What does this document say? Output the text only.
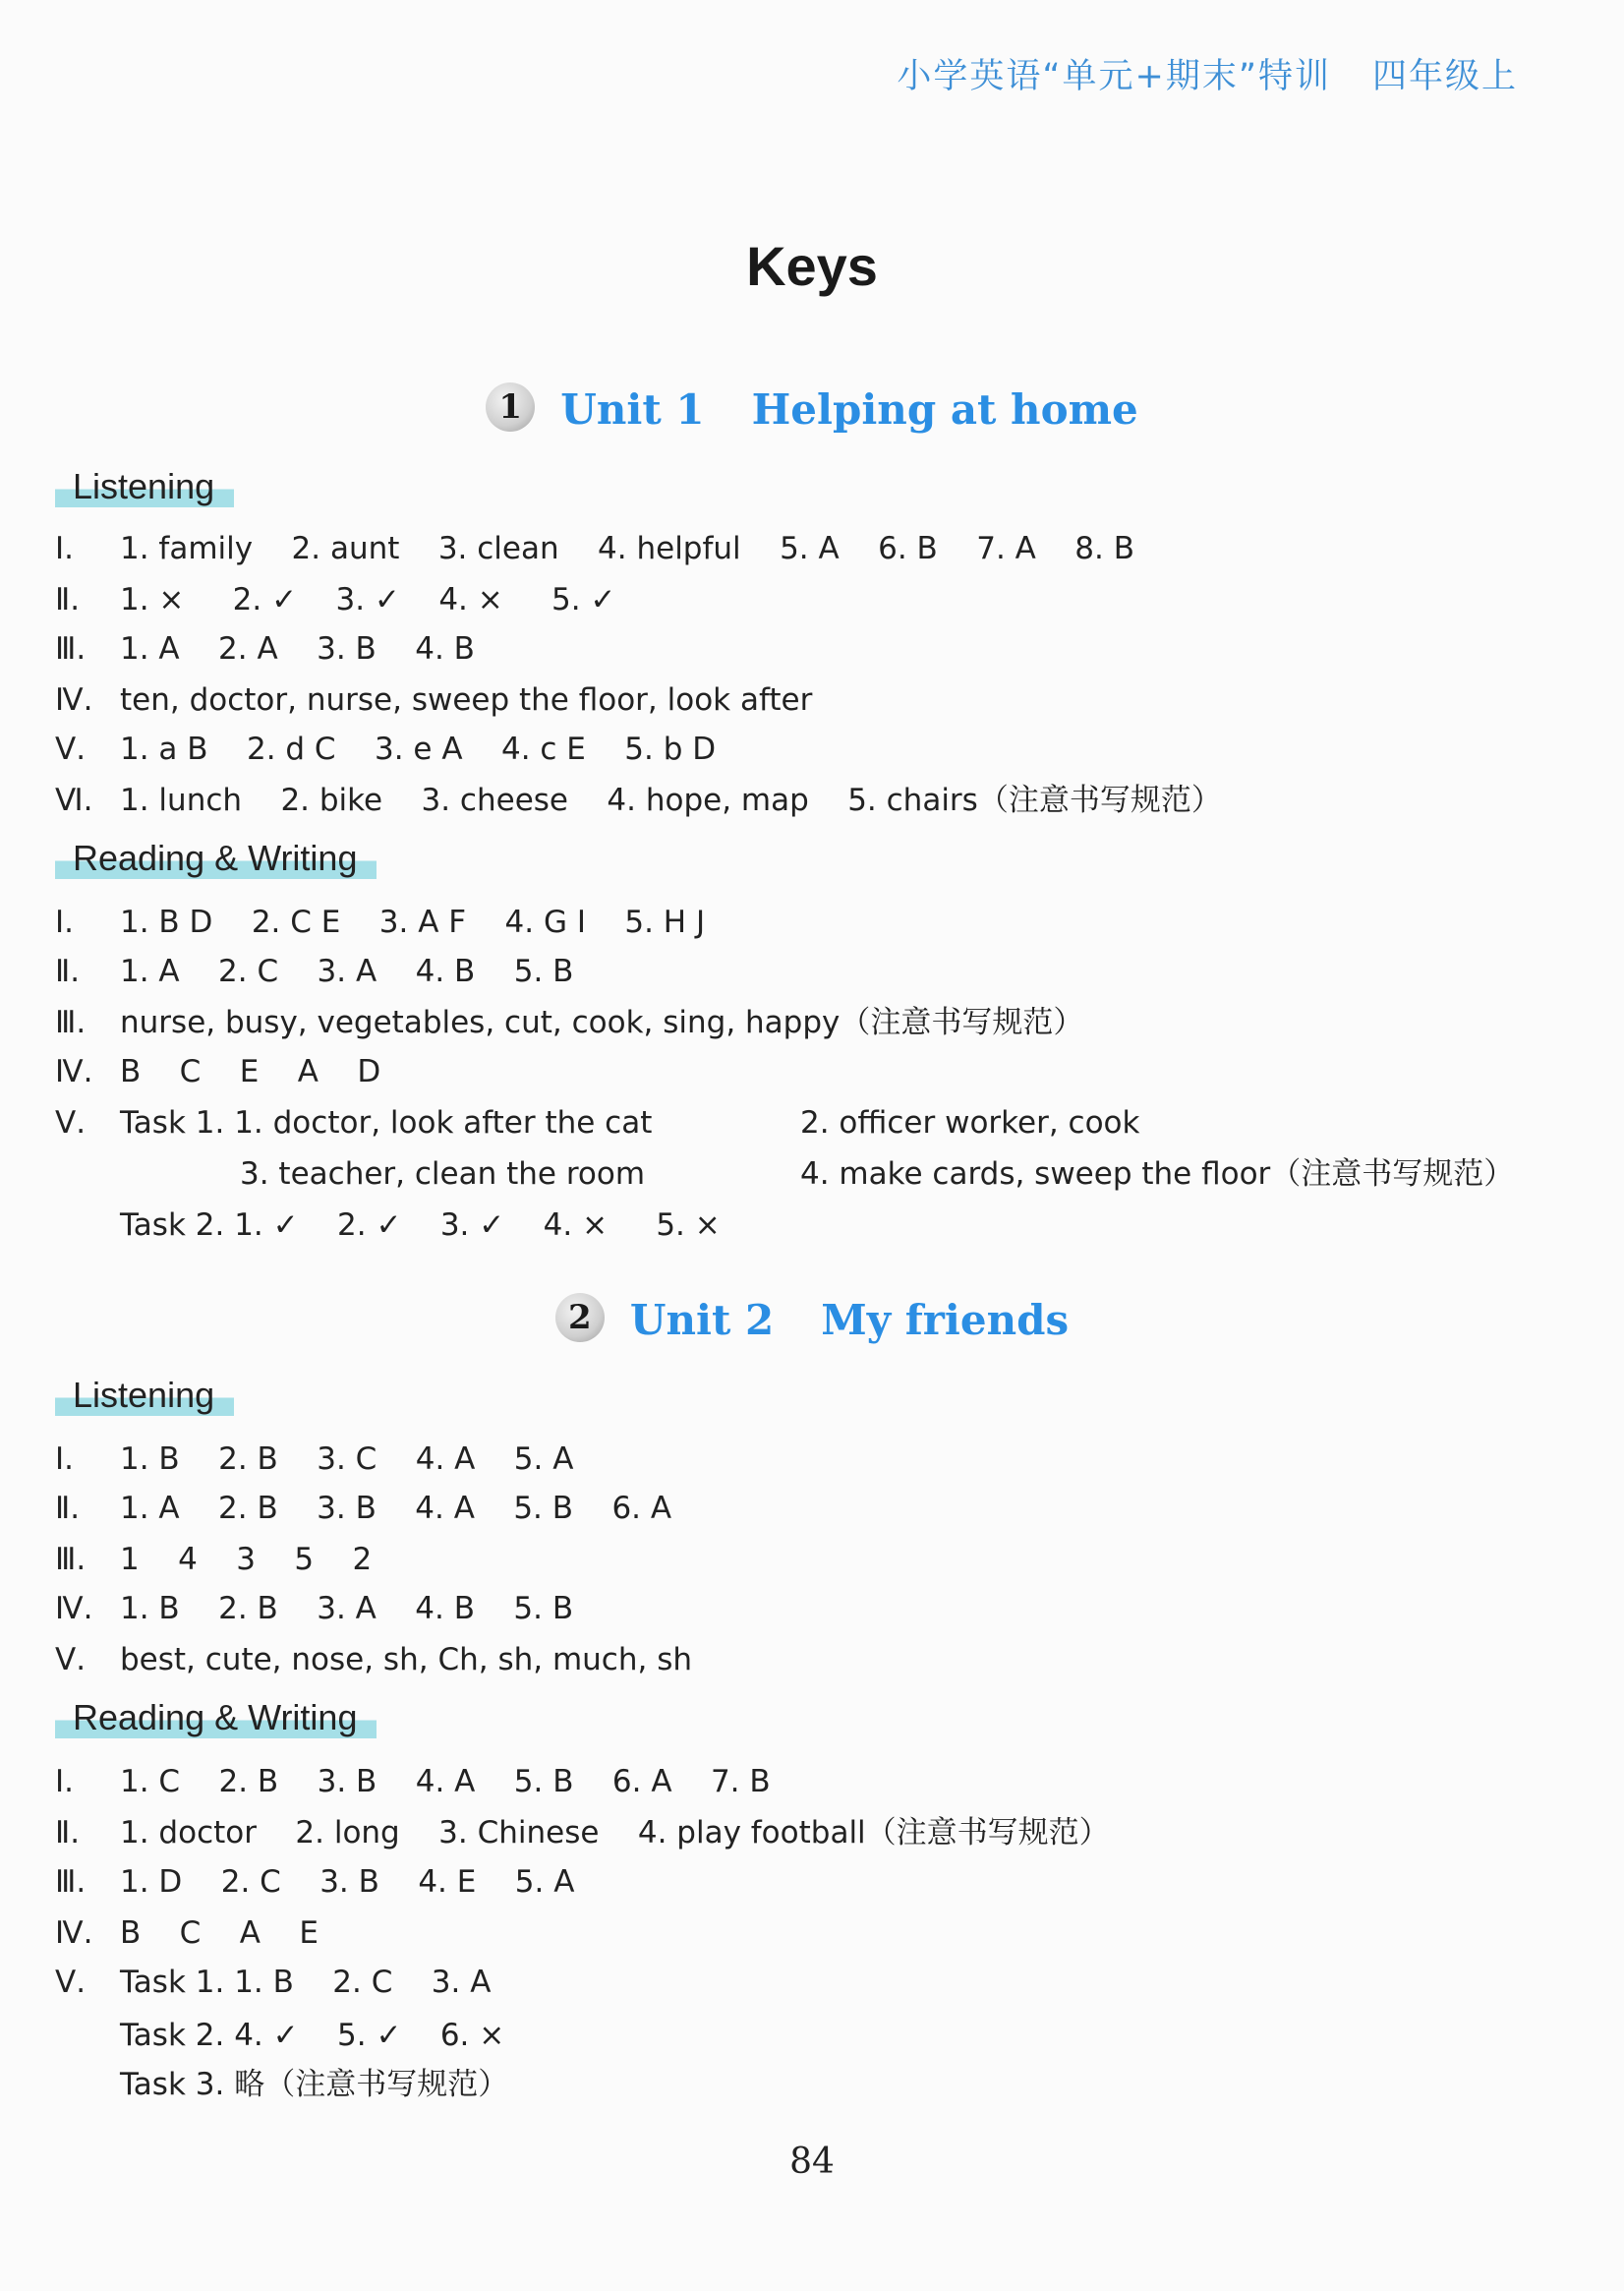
小学英语“单元+期末”特训 四年级上
Keys
1 Unit 1 Helping at home
Listening
Ⅰ. 1. family    2. aunt    3. clean    4. helpful    5. A    6. B    7. A    8. B
Ⅱ. 1. ×     2. ✓    3. ✓    4. ×     5. ✓
Ⅲ. 1. A    2. A    3. B    4. B
Ⅳ. ten, doctor, nurse, sweep the floor, look after
Ⅴ. 1. a B    2. d C    3. e A    4. c E    5. b D
Ⅵ. 1. lunch    2. bike    3. cheese    4. hope, map    5. chairs（注意书写规范）
Reading & Writing
Ⅰ. 1. B D    2. C E    3. A F    4. G I    5. H J
Ⅱ. 1. A    2. C    3. A    4. B    5. B
Ⅲ. nurse, busy, vegetables, cut, cook, sing, happy（注意书写规范）
Ⅳ. B    C    E    A    D
Ⅴ. Task 1. 1. doctor, look after the cat	2. officer worker, cook
3. teacher, clean the room	4. make cards, sweep the floor（注意书写规范）
Task 2. 1. ✓    2. ✓    3. ✓    4. ×     5. ×
2 Unit 2 My friends
Listening
Ⅰ. 1. B    2. B    3. C    4. A    5. A
Ⅱ. 1. A    2. B    3. B    4. A    5. B    6. A
Ⅲ. 1    4    3    5    2
Ⅳ. 1. B    2. B    3. A    4. B    5. B
Ⅴ. best, cute, nose, sh, Ch, sh, much, sh
Reading & Writing
Ⅰ. 1. C    2. B    3. B    4. A    5. B    6. A    7. B
Ⅱ. 1. doctor    2. long    3. Chinese    4. play football（注意书写规范）
Ⅲ. 1. D    2. C    3. B    4. E    5. A
Ⅳ. B    C    A    E
Ⅴ. Task 1. 1. B    2. C    3. A
Task 2. 4. ✓    5. ✓    6. ×
Task 3. 略（注意书写规范）
84
